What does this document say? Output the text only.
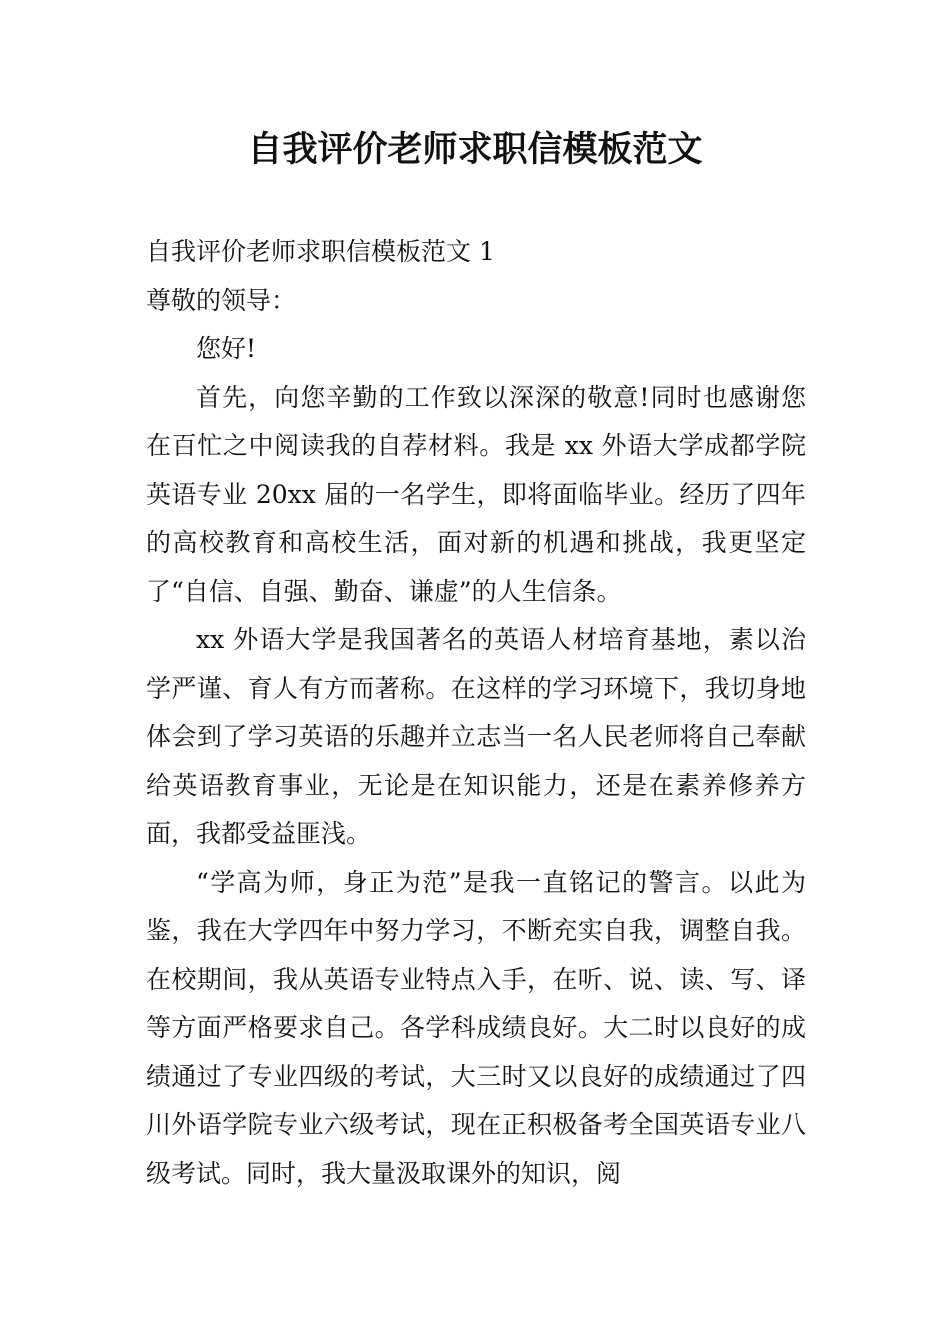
自我评价老师求职信模板范文

自我评价老师求职信模板范文 1

尊敬的领导：

您好!

首先，向您辛勤的工作致以深深的敬意!同时也感谢您在百忙之中阅读我的自荐材料。我是 xx 外语大学成都学院英语专业 20xx 届的一名学生，即将面临毕业。经历了四年的高校教育和高校生活，面对新的机遇和挑战，我更坚定了“自信、自强、勤奋、谦虚”的人生信条。

xx 外语大学是我国著名的英语人材培育基地，素以治学严谨、育人有方而著称。在这样的学习环境下，我切身地体会到了学习英语的乐趣并立志当一名人民老师将自己奉献给英语教育事业，无论是在知识能力，还是在素养修养方面，我都受益匪浅。

“学高为师，身正为范”是我一直铭记的警言。以此为鉴，我在大学四年中努力学习，不断充实自我，调整自我。在校期间，我从英语专业特点入手，在听、说、读、写、译等方面严格要求自己。各学科成绩良好。大二时以良好的成绩通过了专业四级的考试，大三时又以良好的成绩通过了四川外语学院专业六级考试，现在正积极备考全国英语专业八级考试。同时，我大量汲取课外的知识，阅
